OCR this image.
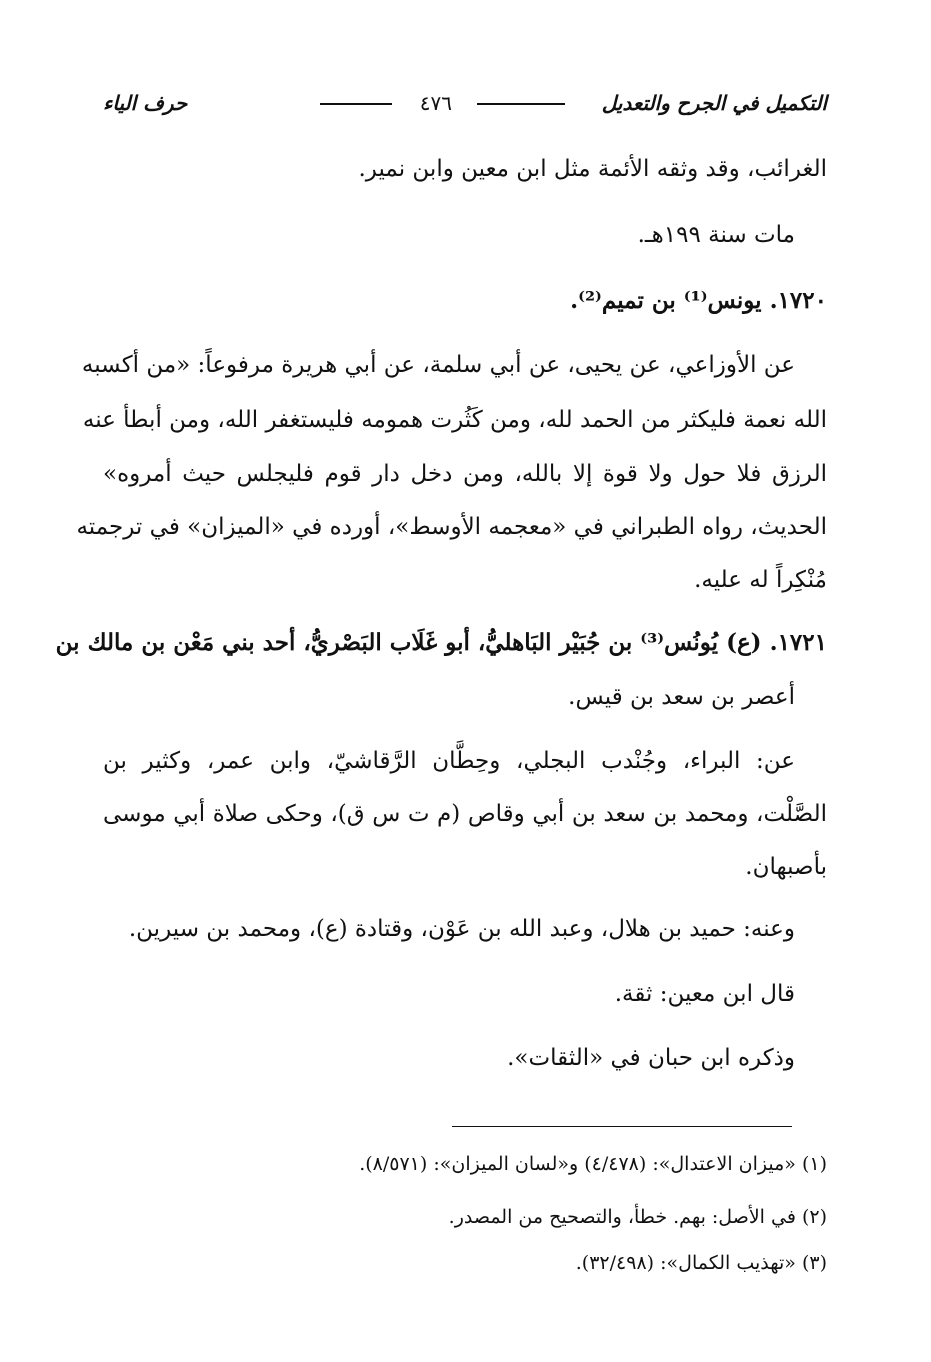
التكميل في الجرح والتعديل
٤٧٦
حرف الياء
الغرائب، وقد وثقه الأئمة مثل ابن معين وابن نمير.
مات سنة ١٩٩هـ.
١٧٢٠. يونس⁽¹⁾ بن تميم⁽²⁾.
عن الأوزاعي، عن يحيى، عن أبي سلمة، عن أبي هريرة مرفوعاً: «من أكسبه
الله نعمة فليكثر من الحمد لله، ومن كَثُرت همومه فليستغفر الله، ومن أبطأ عنه
الرزق فلا حول ولا قوة إلا بالله، ومن دخل دار قوم فليجلس حيث أمروه»
الحديث، رواه الطبراني في «معجمه الأوسط»، أورده في «الميزان» في ترجمته
مُنْكِراً له عليه.
١٧٢١. (ع) يُونُس⁽³⁾ بن جُبَيْر البَاهليُّ، أبو غَلَاب البَصْريُّ، أحد بني مَعْن بن مالك بن
أعصر بن سعد بن قيس.
عن: البراء، وجُنْدب البجلي، وحِطَّان الرَّقاشيّ، وابن عمر، وكثير بن
الصَّلْت، ومحمد بن سعد بن أبي وقاص (م ت س ق)، وحكى صلاة أبي موسى
بأصبهان.
وعنه: حميد بن هلال، وعبد الله بن عَوْن، وقتادة (ع)، ومحمد بن سيرين.
قال ابن معين: ثقة.
وذكره ابن حبان في «الثقات».
(١) «ميزان الاعتدال»: (٤/٤٧٨) و«لسان الميزان»: (٨/٥٧١).
(٢) في الأصل: بهم. خطأ، والتصحيح من المصدر.
(٣) «تهذيب الكمال»: (٣٢/٤٩٨).
